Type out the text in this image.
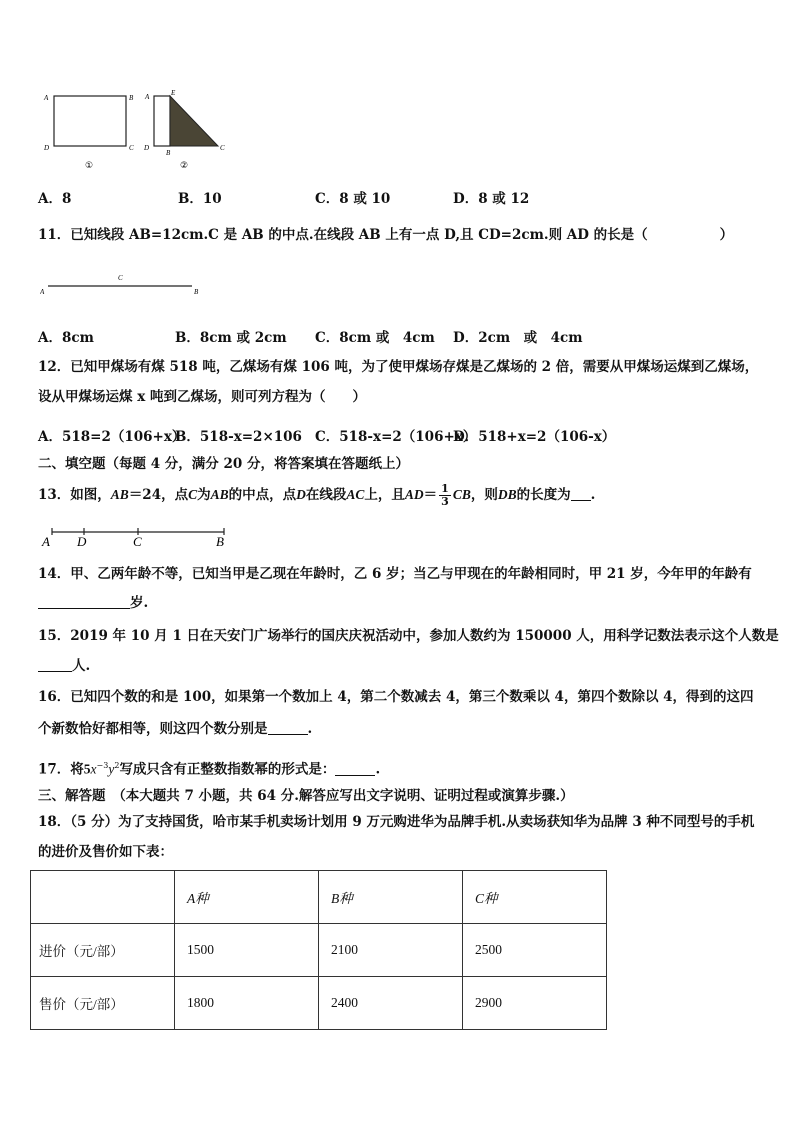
A	B
D	C
①
A	E
D
B
C
②
A．8	B．10	C．8 或 10	D．8 或 12
11．已知线段 AB=12cm.C 是 AB 的中点.在线段 AB 上有一点 D,且 CD=2cm.则 AD 的长是（	）
A
C
B
A．8cm	B．8cm 或 2cm C．8cm 或　4cm D．2cm　或　4cm
12．已知甲煤场有煤 518 吨，乙煤场有煤 106 吨，为了使甲煤场存煤是乙煤场的 2 倍，需要从甲煤场运煤到乙煤场，
设从甲煤场运煤 x 吨到乙煤场，则可列方程为（　　）
A．518=2（106+x）
B．518-x=2×106 C．518-x=2（106+x）
D．518+x=2（106-x）
二、填空题（每题 4 分，满分 20 分，将答案填在答题纸上）
13．如图，AB＝24，点C为AB的中点，点D在线段AC上，且$AD= \frac{1}{3}$ CB，则DB的长度为 .
A D	C	B
14．甲、乙两年龄不等，已知当甲是乙现在年龄时，乙 6 岁；当乙与甲现在的年龄相同时，甲 21 岁，今年甲的年龄有
岁.
15．2019 年 10 月 1 日在天安门广场举行的国庆庆祝活动中，参加人数约为 150000 人，用科学记数法表示这个人数是
人.
16．已知四个数的和是 100，如果第一个数加上 4，第二个数减去 4，第三个数乘以 4，第四个数除以 4，得到的这四
个新数恰好都相等，则这四个数分别是	.
17．将$5x^{-3}y^2$写成只含有正整数指数幂的形式是：	.
三、解答题　（本大题共 7 小题，共 64 分.解答应写出文字说明、证明过程或演算步骤.）
18．（5 分）为了支持国货，哈市某手机卖场计划用 9 万元购进华为品牌手机.从卖场获知华为品牌 3 种不同型号的手机
的进价及售价如下表：

	A种	B种	C种

进价（元/部）	1500	2100	2500

售价（元/部）	1800	2400	2900
